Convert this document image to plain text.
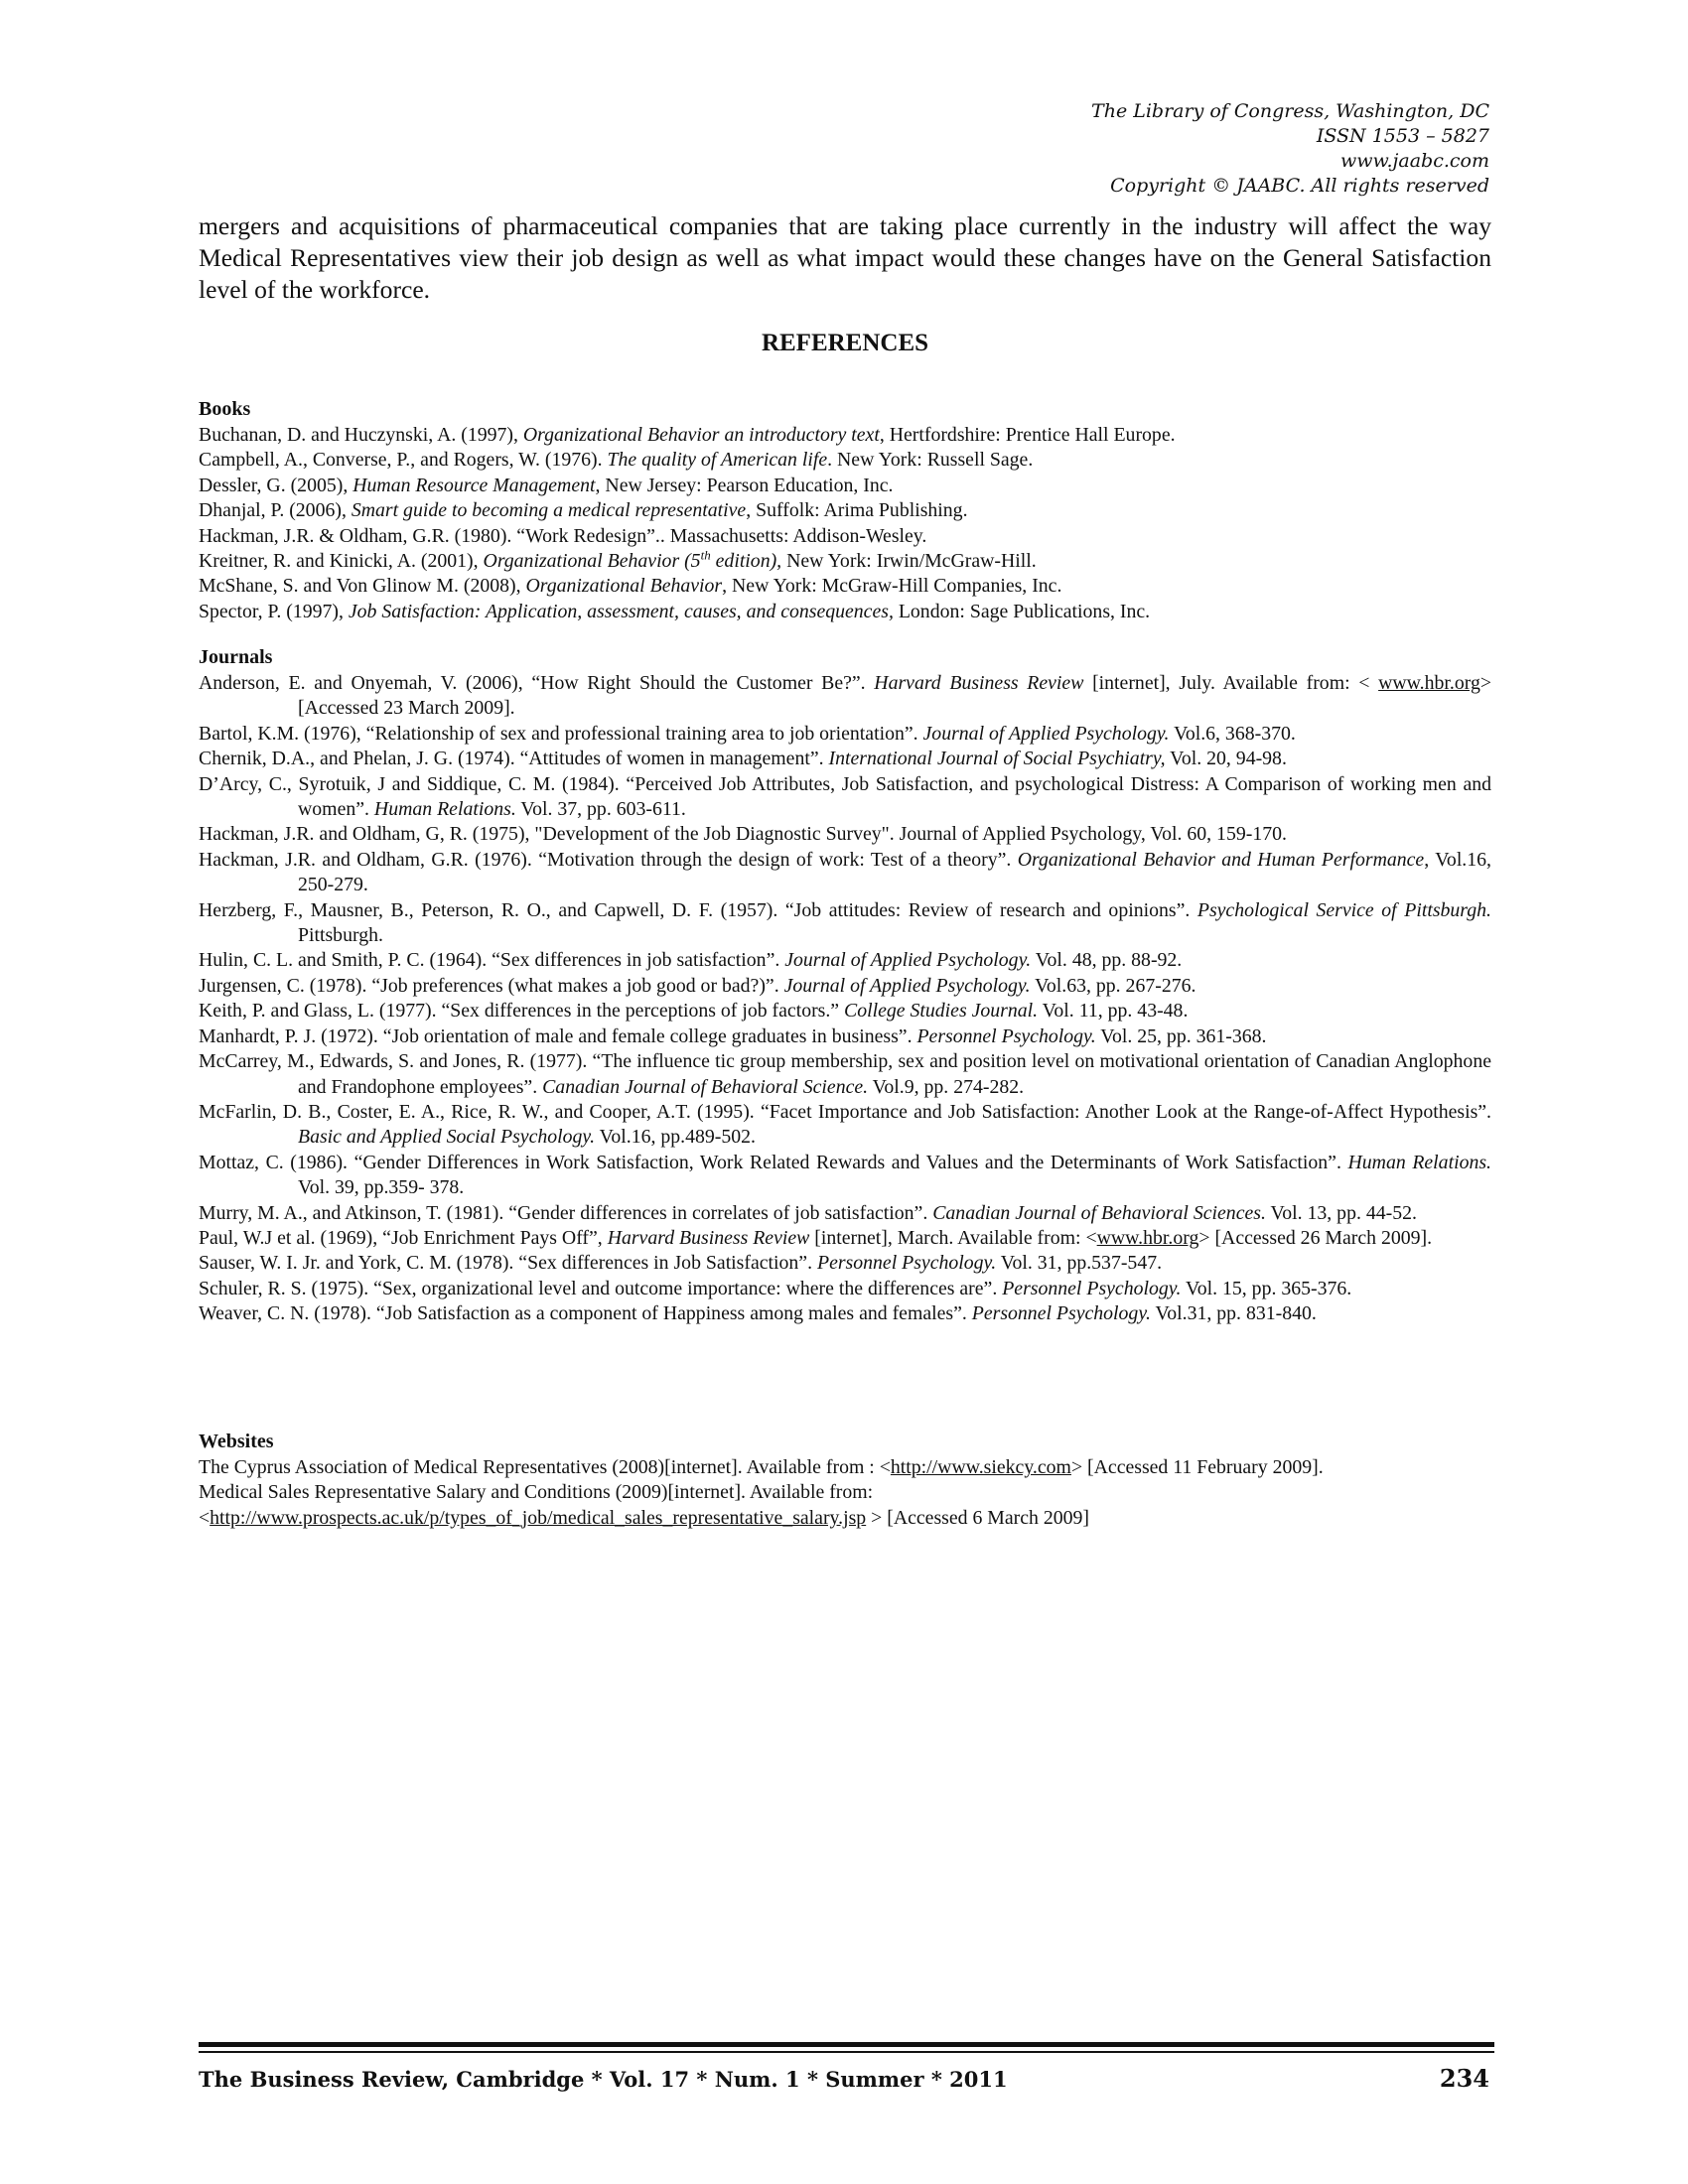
The Library of Congress, Washington, DC
ISSN 1553 – 5827
www.jaabc.com
Copyright © JAABC. All rights reserved
mergers and acquisitions of pharmaceutical companies that are taking place currently in the industry will affect the way Medical Representatives view their job design as well as what impact would these changes have on the General Satisfaction level of the workforce.
REFERENCES
Books
Buchanan, D. and Huczynski, A. (1997), Organizational Behavior an introductory text, Hertfordshire: Prentice Hall Europe.
Campbell, A., Converse, P., and Rogers, W. (1976). The quality of American life. New York: Russell Sage.
Dessler, G. (2005), Human Resource Management, New Jersey: Pearson Education, Inc.
Dhanjal, P. (2006), Smart guide to becoming a medical representative, Suffolk: Arima Publishing.
Hackman, J.R. & Oldham, G.R. (1980). “Work Redesign”.. Massachusetts: Addison-Wesley.
Kreitner, R. and Kinicki, A. (2001), Organizational Behavior (5th edition), New York: Irwin/McGraw-Hill.
McShane, S. and Von Glinow M. (2008), Organizational Behavior, New York: McGraw-Hill Companies, Inc.
Spector, P. (1997), Job Satisfaction: Application, assessment, causes, and consequences, London: Sage Publications, Inc.
Journals
Anderson, E. and Onyemah, V. (2006), “How Right Should the Customer Be?”. Harvard Business Review [internet], July. Available from: < www.hbr.org> [Accessed 23 March 2009].
Bartol, K.M. (1976), “Relationship of sex and professional training area to job orientation”. Journal of Applied Psychology. Vol.6, 368-370.
Chernik, D.A., and Phelan, J. G. (1974). “Attitudes of women in management”. International Journal of Social Psychiatry, Vol. 20, 94-98.
D’Arcy, C., Syrotuik, J and Siddique, C. M. (1984). “Perceived Job Attributes, Job Satisfaction, and psychological Distress: A Comparison of working men and women”. Human Relations. Vol. 37, pp. 603-611.
Hackman, J.R. and Oldham, G, R. (1975), "Development of the Job Diagnostic Survey". Journal of Applied Psychology, Vol. 60, 159-170.
Hackman, J.R. and Oldham, G.R. (1976). “Motivation through the design of work: Test of a theory”. Organizational Behavior and Human Performance, Vol.16, 250-279.
Herzberg, F., Mausner, B., Peterson, R. O., and Capwell, D. F. (1957). “Job attitudes: Review of research and opinions”. Psychological Service of Pittsburgh. Pittsburgh.
Hulin, C. L. and Smith, P. C. (1964). “Sex differences in job satisfaction”. Journal of Applied Psychology. Vol. 48, pp. 88-92.
Jurgensen, C. (1978). “Job preferences (what makes a job good or bad?)”. Journal of Applied Psychology. Vol.63, pp. 267-276.
Keith, P. and Glass, L. (1977). “Sex differences in the perceptions of job factors.” College Studies Journal. Vol. 11, pp. 43-48.
Manhardt, P. J. (1972). “Job orientation of male and female college graduates in business”. Personnel Psychology. Vol. 25, pp. 361-368.
McCarrey, M., Edwards, S. and Jones, R. (1977). “The influence tic group membership, sex and position level on motivational orientation of Canadian Anglophone and Frandophone employees”. Canadian Journal of Behavioral Science. Vol.9, pp. 274-282.
McFarlin, D. B., Coster, E. A., Rice, R. W., and Cooper, A.T. (1995). “Facet Importance and Job Satisfaction: Another Look at the Range-of-Affect Hypothesis”. Basic and Applied Social Psychology. Vol.16, pp.489-502.
Mottaz, C. (1986). “Gender Differences in Work Satisfaction, Work Related Rewards and Values and the Determinants of Work Satisfaction”. Human Relations. Vol. 39, pp.359- 378.
Murry, M. A., and Atkinson, T. (1981). “Gender differences in correlates of job satisfaction”. Canadian Journal of Behavioral Sciences. Vol. 13, pp. 44-52.
Paul, W.J et al. (1969), “Job Enrichment Pays Off”, Harvard Business Review [internet], March. Available from: <www.hbr.org> [Accessed 26 March 2009].
Sauser, W. I. Jr. and York, C. M. (1978). “Sex differences in Job Satisfaction”. Personnel Psychology. Vol. 31, pp.537-547.
Schuler, R. S. (1975). “Sex, organizational level and outcome importance: where the differences are”. Personnel Psychology. Vol. 15, pp. 365-376.
Weaver, C. N. (1978). “Job Satisfaction as a component of Happiness among males and females”. Personnel Psychology. Vol.31, pp. 831-840.
Websites
The Cyprus Association of Medical Representatives (2008)[internet]. Available from : <http://www.siekcy.com> [Accessed 11 February 2009].
Medical Sales Representative Salary and Conditions (2009)[internet]. Available from:
<http://www.prospects.ac.uk/p/types_of_job/medical_sales_representative_salary.jsp > [Accessed 6 March 2009]
The Business Review, Cambridge * Vol. 17 * Num. 1 * Summer * 2011	234
